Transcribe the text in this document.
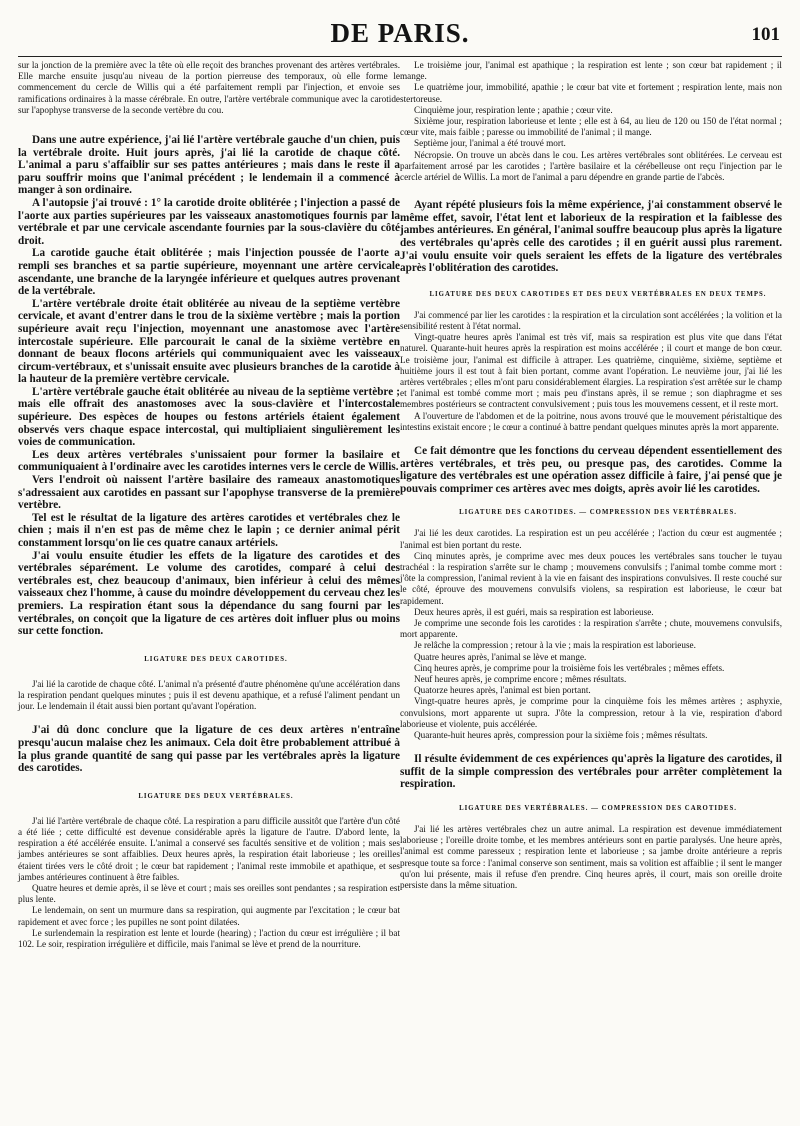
DE PARIS.	101

sur la jonction de la première avec la tête où elle reçoit des branches provenant des artères vertébrales. Elle marche ensuite jusqu'au niveau de la portion pierreuse des temporaux, où elle forme le commencement du cercle de Willis qui a été parfaitement rempli par l'injection, et envoie ses ramifications ordinaires à la masse cérébrale. En outre, l'artère vertébrale communique avec la carotide sur l'apophyse transverse de la seconde vertèbre du cou.

Dans une autre expérience, j'ai lié l'artère vertébrale gauche d'un chien, puis la vertébrale droite. Huit jours après, j'ai lié la carotide de chaque côté. L'animal a paru s'affaiblir sur ses pattes antérieures ; mais dans le reste il a paru souffrir moins que l'animal précédent ; le lendemain il a commencé à manger à son ordinaire.

A l'autopsie j'ai trouvé : 1° la carotide droite oblitérée ; l'injection a passé de l'aorte aux parties supérieures par les vaisseaux anastomotiques fournis par la vertébrale et par une cervicale ascendante fournies par la sous-clavière du côté droit.

La carotide gauche était oblitérée ; mais l'injection poussée de l'aorte a rempli ses branches et sa partie supérieure, moyennant une artère cervicale ascendante, une branche de la laryngée inférieure et quelques autres provenant de la vertébrale.

L'artère vertébrale droite était oblitérée au niveau de la septième vertèbre cervicale, et avant d'entrer dans le trou de la sixième vertèbre ; mais la portion supérieure avait reçu l'injection, moyennant une anastomose avec l'artère intercostale supérieure. Elle parcourait le canal de la sixième vertèbre en donnant de beaux flocons artériels qui communiquaient avec les vaisseaux circum-vertébraux, et s'unissait ensuite avec plusieurs branches de la carotide à la hauteur de la première vertèbre cervicale.

L'artère vertébrale gauche était oblitérée au niveau de la septième vertèbre ; mais elle offrait des anastomoses avec la sous-clavière et l'intercostale supérieure. Des espèces de houpes ou festons artériels étaient également observés vers chaque espace intercostal, qui multipliaient singulièrement les voies de communication.

Les deux artères vertébrales s'unissaient pour former la basilaire et communiquaient à l'ordinaire avec les carotides internes vers le cercle de Willis.

Vers l'endroit où naissent l'artère basilaire des rameaux anastomotiques s'adressaient aux carotides en passant sur l'apophyse transverse de la première vertèbre.

Tel est le résultat de la ligature des artères carotides et vertébrales chez le chien ; mais il n'en est pas de même chez le lapin ; ce dernier animal périt constamment lorsqu'on lie ces quatre canaux artériels.

J'ai voulu ensuite étudier les effets de la ligature des carotides et des vertébrales séparément. Le volume des carotides, comparé à celui des vertébrales est, chez beaucoup d'animaux, bien inférieur à celui des mêmes vaisseaux chez l'homme, à cause du moindre développement du cerveau chez les premiers. La respiration étant sous la dépendance du sang fourni par les vertébrales, on conçoit que la ligature de ces artères doit influer plus ou moins sur cette fonction.

LIGATURE DES DEUX CAROTIDES.

J'ai lié la carotide de chaque côté. L'animal n'a présenté d'autre phénomène qu'une accélération dans la respiration pendant quelques minutes ; puis il est devenu apathique, et a refusé l'aliment pendant un jour. Le lendemain il était aussi bien portant qu'avant l'opération.

J'ai dû donc conclure que la ligature de ces deux artères n'entraîne presqu'aucun malaise chez les animaux. Cela doit être probablement attribué à la plus grande quantité de sang qui passe par les vertébrales après la ligature des carotides.

LIGATURE DES DEUX VERTÉBRALES.

J'ai lié l'artère vertébrale de chaque côté. La respiration a paru difficile aussitôt que l'artère d'un côté a été liée ; cette difficulté est devenue considérable après la ligature de l'autre. D'abord lente, la respiration a été accélérée ensuite. L'animal a conservé ses facultés sensitive et de volition ; mais ses jambes antérieures se sont affaiblies. Deux heures après, la respiration était laborieuse ; les oreilles étaient tirées vers le côté droit ; le cœur bat rapidement ; l'animal reste immobile et apathique, et ses jambes antérieures continuent à être faibles.

Quatre heures et demie après, il se lève et court ; mais ses oreilles sont pendantes ; sa respiration est plus lente.

Le lendemain, on sent un murmure dans sa respiration, qui augmente par l'excitation ; le cœur bat rapidement et avec force ; les pupilles ne sont point dilatées.

Le surlendemain la respiration est lente et lourde (hearing) ; l'action du cœur est irrégulière ; il bat 102. Le soir, respiration irrégulière et difficile, mais l'animal se lève et prend de la nourriture.

Le troisième jour, l'animal est apathique ; la respiration est lente ; son cœur bat rapidement ; il mange.

Le quatrième jour, immobilité, apathie ; le cœur bat vite et fortement ; respiration lente, mais non stertoreuse.

Cinquième jour, respiration lente ; apathie ; cœur vite.

Sixième jour, respiration laborieuse et lente ; elle est à 64, au lieu de 120 ou 150 de l'état normal ; cœur vite, mais faible ; paresse ou immobilité de l'animal ; il mange.

Septième jour, l'animal a été trouvé mort.

Nécropsie. On trouve un abcès dans le cou. Les artères vertébrales sont oblitérées. Le cerveau est parfaitement arrosé par les carotides ; l'artère basilaire et la cérébelleuse ont reçu l'injection par le cercle artériel de Willis. La mort de l'animal a paru dépendre en grande partie de l'abcès.

Ayant répété plusieurs fois la même expérience, j'ai constamment observé le même effet, savoir, l'état lent et laborieux de la respiration et la faiblesse des jambes antérieures. En général, l'animal souffre beaucoup plus après la ligature des vertébrales qu'après celle des carotides ; il en guérit aussi plus rarement. J'ai voulu ensuite voir quels seraient les effets de la ligature des vertébrales après l'oblitération des carotides.

LIGATURE DES DEUX CAROTIDES ET DES DEUX VERTÉBRALES EN DEUX TEMPS.

J'ai commencé par lier les carotides : la respiration et la circulation sont accélérées ; la volition et la sensibilité restent à l'état normal.

Vingt-quatre heures après l'animal est très vif, mais sa respiration est plus vite que dans l'état naturel. Quarante-huit heures après la respiration est moins accélérée ; il court et mange de bon cœur. Le troisième jour, l'animal est difficile à attraper. Les quatrième, cinquième, sixième, septième et huitième jours il est tout à fait bien portant, comme avant l'opération. Le neuvième jour, j'ai lié les artères vertébrales ; elles m'ont paru considérablement élargies. La respiration s'est arrêtée sur le champ et l'animal est tombé comme mort ; mais peu d'instans après, il se remue ; son diaphragme et ses membres postérieurs se contractent convulsivement ; puis tous les mouvemens cessent, et il reste mort.

A l'ouverture de l'abdomen et de la poitrine, nous avons trouvé que le mouvement péristaltique des intestins existait encore ; le cœur a continué à battre pendant quelques minutes après la mort apparente.

Ce fait démontre que les fonctions du cerveau dépendent essentiellement des artères vertébrales, et très peu, ou presque pas, des carotides. Comme la ligature des vertébrales est une opération assez difficile à faire, j'ai pensé que je pouvais comprimer ces artères avec mes doigts, après avoir lié les carotides.

LIGATURE DES CAROTIDES. — COMPRESSION DES VERTÉBRALES.

J'ai lié les deux carotides. La respiration est un peu accélérée ; l'action du cœur est augmentée ; l'animal est bien portant du reste.

Cinq minutes après, je comprime avec mes deux pouces les vertébrales sans toucher le tuyau trachéal : la respiration s'arrête sur le champ ; mouvemens convulsifs ; l'animal tombe comme mort : j'ôte la compression, l'animal revient à la vie en faisant des inspirations convulsives. Il reste couché sur le côté, éprouve des mouvemens convulsifs violens, sa respiration est laborieuse, le cœur bat rapidement.

Deux heures après, il est guéri, mais sa respiration est laborieuse.

Je comprime une seconde fois les carotides : la respiration s'arrête ; chute, mouvemens convulsifs, mort apparente.

Je relâche la compression ; retour à la vie ; mais la respiration est laborieuse.

Quatre heures après, l'animal se lève et mange.

Cinq heures après, je comprime pour la troisième fois les vertébrales ; mêmes effets.

Neuf heures après, je comprime encore ; mêmes résultats.

Quatorze heures après, l'animal est bien portant.

Vingt-quatre heures après, je comprime pour la cinquième fois les mêmes artères ; asphyxie, convulsions, mort apparente ut supra. J'ôte la compression, retour à la vie, respiration d'abord laborieuse et violente, puis accélérée.

Quarante-huit heures après, compression pour la sixième fois ; mêmes résultats.

Il résulte évidemment de ces expériences qu'après la ligature des carotides, il suffit de la simple compression des vertébrales pour arrêter complètement la respiration.

LIGATURE DES VERTÉBRALES. — COMPRESSION DES CAROTIDES.

J'ai lié les artères vertébrales chez un autre animal. La respiration est devenue immédiatement laborieuse ; l'oreille droite tombe, et les membres antérieurs sont en partie paralysés. Une heure après, l'animal est comme paresseux ; respiration lente et laborieuse ; sa jambe droite antérieure a repris presque toute sa force : l'animal conserve son sentiment, mais sa volition est affaiblie ; il sent le manger qu'on lui présente, mais il refuse d'en prendre. Cinq heures après, il court, mais son oreille droite persiste dans la même situation.
